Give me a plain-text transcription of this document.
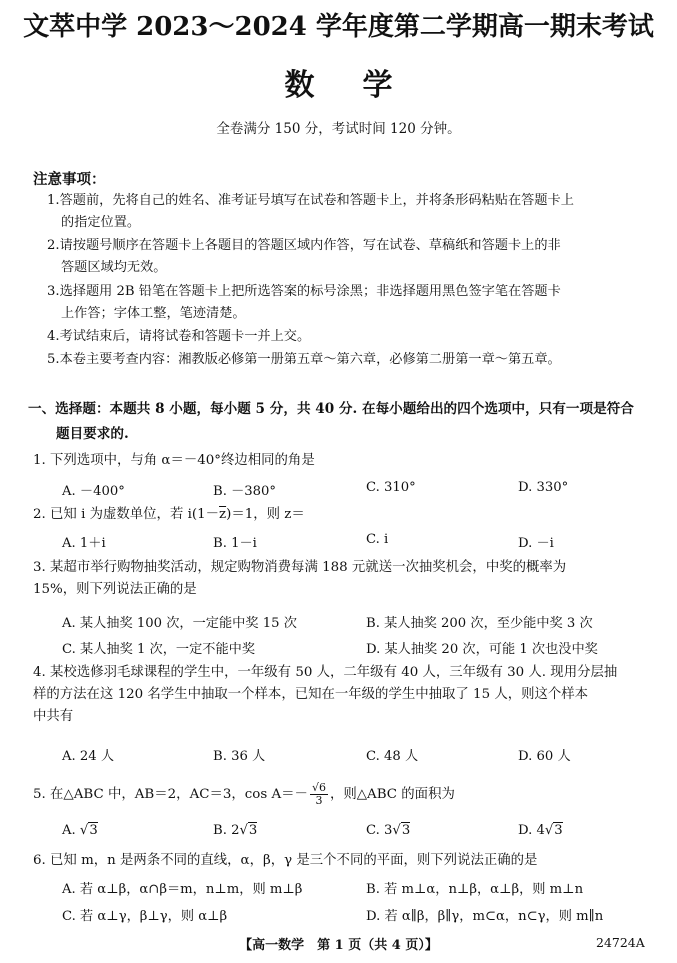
文萃中学 2023～2024 学年度第二学期高一期末考试
数学
全卷满分 150 分，考试时间 120 分钟。
注意事项：
1.答题前，先将自己的姓名、准考证号填写在试卷和答题卡上，并将条形码粘贴在答题卡上
的指定位置。
2.请按题号顺序在答题卡上各题目的答题区域内作答，写在试卷、草稿纸和答题卡上的非
答题区域均无效。
3.选择题用 2B 铅笔在答题卡上把所选答案的标号涂黑；非选择题用黑色签字笔在答题卡
上作答；字体工整，笔迹清楚。
4.考试结束后，请将试卷和答题卡一并上交。
5.本卷主要考查内容：湘教版必修第一册第五章～第六章，必修第二册第一章～第五章。
一、选择题：本题共 8 小题，每小题 5 分，共 40 分. 在每小题给出的四个选项中，只有一项是符合
题目要求的.
1. 下列选项中，与角 α＝－40°终边相同的角是
A. －400°	B. －380°	C. 310°	D. 330°
2. 已知 i 为虚数单位，若 $i(1-\overline{z})=1$，则 z＝
A. 1＋i	B. 1－i	C. i	D. －i
3. 某超市举行购物抽奖活动，规定购物消费每满 188 元就送一次抽奖机会，中奖的概率为
15%，则下列说法正确的是
A. 某人抽奖 100 次，一定能中奖 15 次	B. 某人抽奖 200 次，至少能中奖 3 次
C. 某人抽奖 1 次，一定不能中奖	D. 某人抽奖 20 次，可能 1 次也没中奖
4. 某校选修羽毛球课程的学生中，一年级有 50 人，二年级有 40 人，三年级有 30 人. 现用分层抽
样的方法在这 120 名学生中抽取一个样本，已知在一年级的学生中抽取了 15 人，则这个样本
中共有
A. 24 人	B. 36 人	C. 48 人	D. 60 人
5. 在△ABC 中，AB＝2，AC＝3，$\cos A=- \frac{√6}{3}$ ，则△ABC 的面积为
A. √3	B. 2√3	C. 3√3	D. 4√3
6. 已知 m，n 是两条不同的直线，α，β，γ 是三个不同的平面，则下列说法正确的是
A. 若 α⊥β，α∩β＝m，n⊥m，则 m⊥β	B. 若 m⊥α，n⊥β，α⊥β，则 m⊥n
C. 若 α⊥γ，β⊥γ，则 α⊥β	D. 若 α∥β，β∥γ，m⊂α，n⊂γ，则 m∥n
【高一数学　第 1 页（共 4 页）】	24724A
